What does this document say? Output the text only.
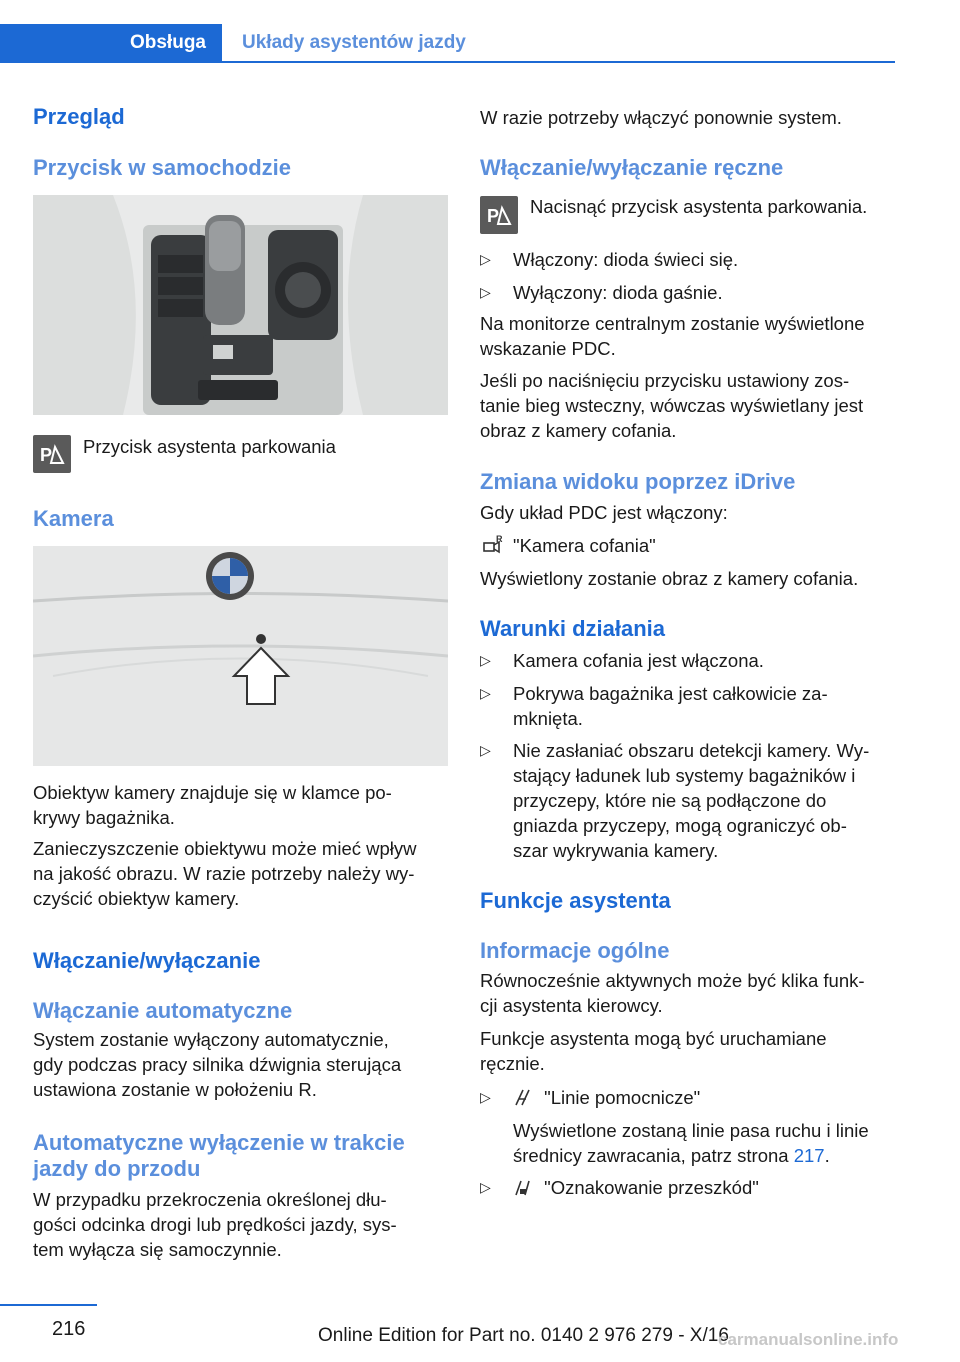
Obsługa Układy asystentów jazdy
Przegląd
Przycisk w samochodzie
P Przycisk asystenta parkowania
Kamera
Obiektyw kamery znajduje się w klamce po-
krywy bagażnika.
Zanieczyszczenie obiektywu może mieć wpływ
na jakość obrazu. W razie potrzeby należy wy-
czyścić obiektyw kamery.
Włączanie/wyłączanie
Włączanie automatyczne
System zostanie wyłączony automatycznie,
gdy podczas pracy silnika dźwignia sterująca
ustawiona zostanie w położeniu R.
Automatyczne wyłączenie w trakcie
jazdy do przodu
W przypadku przekroczenia określonej dłu-
gości odcinka drogi lub prędkości jazdy, sys-
tem wyłącza się samoczynnie.
W razie potrzeby włączyć ponownie system.
Włączanie/wyłączanie ręczne
P Nacisnąć przycisk asystenta parkowania.
▷ Włączony: dioda świeci się.
▷ Wyłączony: dioda gaśnie.
Na monitorze centralnym zostanie wyświetlone
wskazanie PDC.
Jeśli po naciśnięciu przycisku ustawiony zos-
tanie bieg wsteczny, wówczas wyświetlany jest
obraz z kamery cofania.
Zmiana widoku poprzez iDrive
Gdy układ PDC jest włączony:
R "Kamera cofania"
Wyświetlony zostanie obraz z kamery cofania.
Warunki działania
▷ Kamera cofania jest włączona.
▷ Pokrywa bagażnika jest całkowicie za-
mknięta.
▷ Nie zasłaniać obszaru detekcji kamery. Wy-
stający ładunek lub systemy bagażników i
przyczepy, które nie są podłączone do
gniazda przyczepy, mogą ograniczyć ob-
szar wykrywania kamery.
Funkcje asystenta
Informacje ogólne
Równocześnie aktywnych może być klika funk-
cji asystenta kierowcy.
Funkcje asystenta mogą być uruchamiane
ręcznie.
▷	"Linie pomocnicze"
Wyświetlone zostaną linie pasa ruchu i linie
średnicy zawracania, patrz strona 217.
▷	"Oznakowanie przeszkód"
216	Online Edition for Part no. 0140 2 976 279 - X/16
carmanualsonline.info
